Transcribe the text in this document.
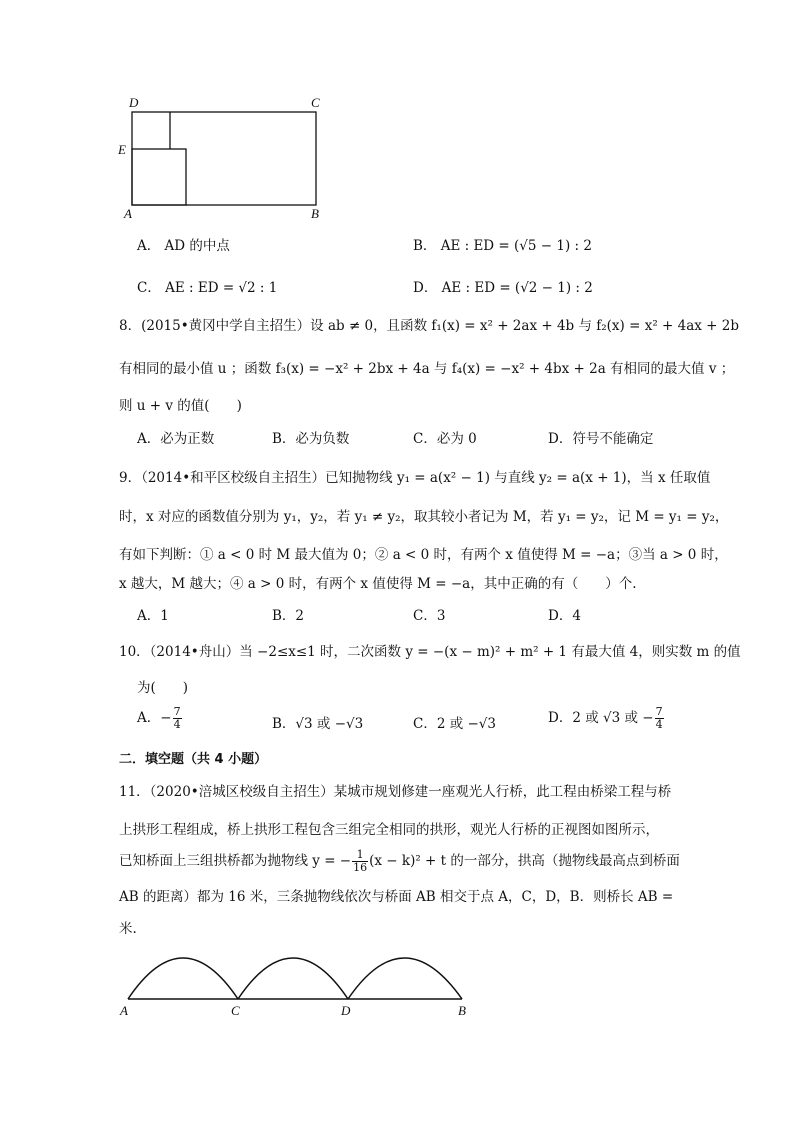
D	C
E
A	B
A． AD 的中点	B． AE : ED = (√5 − 1) : 2
C． AE : ED = √2 : 1	D． AE : ED = (√2 − 1) : 2
8．(2015•黄冈中学自主招生）设 ab ≠ 0，且函数 f₁(x) = x² + 2ax + 4b 与 f₂(x) = x² + 4ax + 2b
有相同的最小值 u ；函数 f₃(x) = −x² + 2bx + 4a 与 f₄(x) = −x² + 4bx + 2a 有相同的最大值 v ；
则 u + v 的值(　　)
A．必为正数	B．必为负数	C．必为 0	D．符号不能确定
9．（2014•和平区校级自主招生）已知抛物线 y₁ = a(x² − 1) 与直线 y₂ = a(x + 1)，当 x 任取值
时，x 对应的函数值分别为 y₁，y₂，若 y₁ ≠ y₂，取其较小者记为 M，若 y₁ = y₂，记 M = y₁ = y₂，
有如下判断：① a < 0 时 M 最大值为 0；② a < 0 时，有两个 x 值使得 M = −a；③当 a > 0 时，
x 越大，M 越大；④ a > 0 时，有两个 x 值使得 M = −a，其中正确的有（　　）个.
A．1	B．2	C．3	D．4
10．（2014•舟山）当 −2≤x≤1 时，二次函数 y = −(x − m)² + m² + 1 有最大值 4，则实数 m 的值
为(　　)
A．− $\frac{7}{4}$	B．√3 或 −√3	C．2 或 −√3	D．2 或 √3 或 − $\frac{7}{4}$
二．填空题（共 4 小题）
11．（2020•涪城区校级自主招生）某城市规划修建一座观光人行桥，此工程由桥梁工程与桥
上拱形工程组成，桥上拱形工程包含三组完全相同的拱形，观光人行桥的正视图如图所示，
已知桥面上三组拱桥都为抛物线 y = − $\frac{1}{16} (x - k)^2 + t$ 的一部分，拱高（抛物线最高点到桥面
AB 的距离）都为 16 米，三条抛物线依次与桥面 AB 相交于点 A，C，D，B．则桥长 AB =
米.
A	C	D	B
